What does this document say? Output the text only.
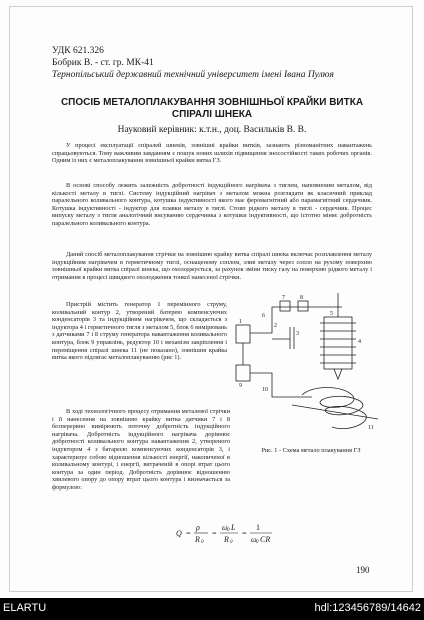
УДК 621.326
Бобрик В. - ст. гр. МК-41
Тернопільський державний технічний університет імені Івана Пулюя
СПОСІБ МЕТАЛОПЛАКУВАННЯ ЗОВНІШНЬОЇ КРАЙКИ ВИТКА
СПІРАЛІ ШНЕКА
Науковий керівник: к.т.н., доц. Васильків В. В.
У процесі експлуатації спіралей шнеків, зовнішні крайки витків, зазнають різноманітних навантажень спрацьовуються. Тому важливим завданням є пошук нових шляхів підвищення зносостійкості таких робочих органів. Одним із них є металоплакування зовнішньої крайки витка ГЗ.
В основі способу лежить залежність добротності індукційного нагрівача з тиглем, наповненим металом, від кількості металу в тиглі. Систему індукційний нагрівач з металом можна розглядати як класичний приклад паралельного коливального контура, котушка індуктивності якого має феромагнітний або парамагнітний сердечник. Котушка індуктивності - індуктор для плавки металу в тиглі. Стовп рідкого металу в тиглі - сердечник. Процес випуску металу з тигля аналогічний висуванню сердечника з котушки індуктивності, що істотно міняє добротність паралельного коливального контура.
Даний спосіб металоплакування стрічки на зовнішню крайку витка спіралі шнека включає розплавлення металу індукційним нагрівачем в герметичному тиглі, оснащеному соплом, злив металу через сопло на рухому поверхню зовнішньої крайки витка спіралі шнека, що охолоджується, за рахунок зміни тиску газу на поверхню рідкого металу і отримання в процесі швидкого охолодження тонкої нанесеної стрічки.
Пристрій містить генератор 1 перемінного струму, коливальний контур 2, утворений батерею компенсуючих конденсаторів 3 та індукційним нагрівачем, що складається з індуктора 4 і герметичного тигля з металом 5, блок 6 вимірювань з датчиками 7 і 8 струму генератора навантаження коливального контура, блок 9 управлінь, редуктор 10 і механізм закріплення і переміщення спіралі шнека 11 (не показано), зовнішня крайка витка якого підлягає металоплакуванню (рис 1).
В ході технологічного процесу отримання металевої стрічки і її нанесення на зовнішню крайку витка датчики 7 і 8 безперервно вимірюють поточну добротність індукційного нагрівача. Добротність індукційного нагрівача дорівнює добротності коливального контура навантаження 2, утвореного індуктором 4 з батареєю компенсуючих конденсаторів 3, і характеризує собою відношення кількості енергії, накопиченої в коливальному контурі, і енергії, витраченій в опорі втрат цього контура за один період. Добротність дорівнює відношенню хвилевого опору до опору втрат цього контура і визначається за формулою:
1
2
3
4
5
6
7	8
9
10
11
Рис. 1 - Схема метало плакування ГЗ
Q =
ρ
R 0
=
ω 0 L
R 0
=
1
ω 0 CR
190
ELARTU	hdl:123456789/14642
